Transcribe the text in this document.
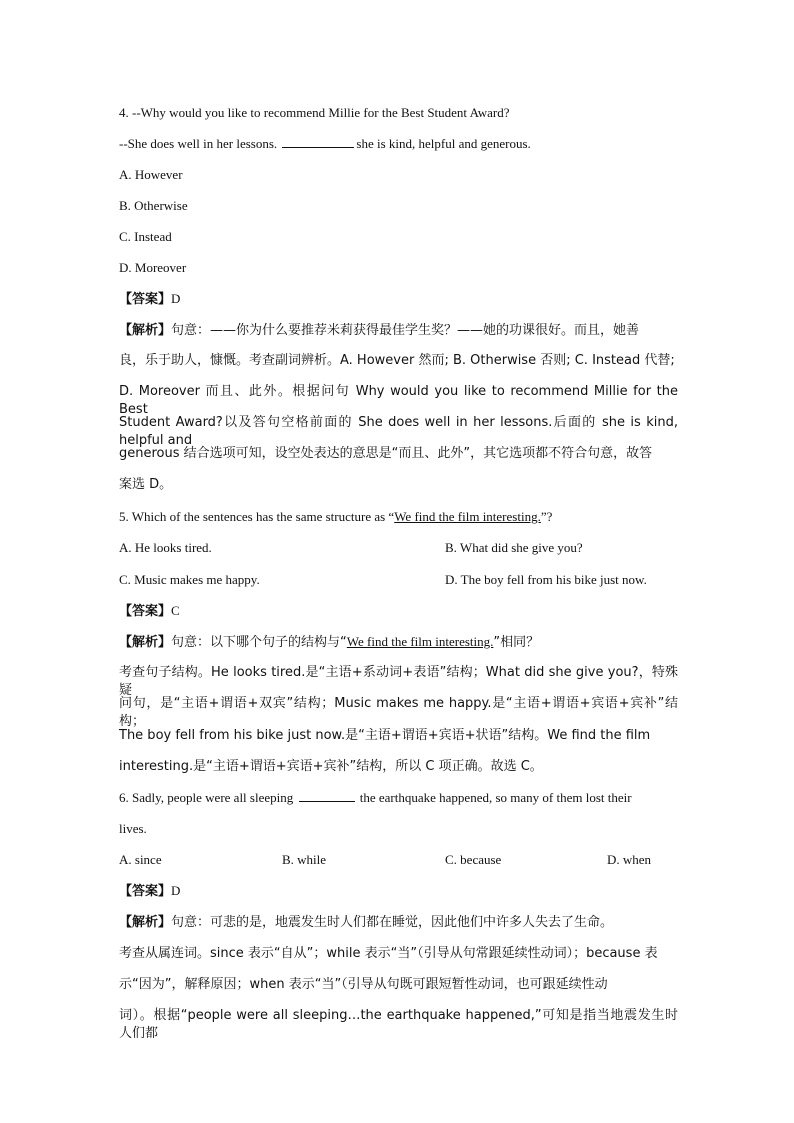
4. --Why would you like to recommend Millie for the Best Student Award?
--She does well in her lessons.	she is kind, helpful and generous.
A. However
B. Otherwise
C. Instead
D. Moreover
【答案】D
【解析】句意：——你为什么要推荐米莉获得最佳学生奖？——她的功课很好。而且，她善
良，乐于助人，慷慨。考查副词辨析。A. However 然而; B. Otherwise 否则; C. Instead 代替;
D. Moreover 而且、此外。根据问句 Why would you like to recommend Millie for the Best
Student Award?以及答句空格前面的 She does well in her lessons.后面的 she is kind, helpful and
generous 结合选项可知，设空处表达的意思是“而且、此外”，其它选项都不符合句意，故答
案选 D。
5. Which of the sentences has the same structure as “We find the film interesting.”?
A. He looks tired.	B. What did she give you?
C. Music makes me happy.	D. The boy fell from his bike just now.
【答案】C
【解析】句意：以下哪个句子的结构与“We find the film interesting.”相同？
考查句子结构。He looks tired.是“主语+系动词+表语”结构；What did she give you?，特殊疑
问句，是“主语+谓语+双宾”结构；Music makes me happy.是“主语+谓语+宾语+宾补”结构；
The boy fell from his bike just now.是“主语+谓语+宾语+状语”结构。We find the film
interesting.是“主语+谓语+宾语+宾补”结构，所以 C 项正确。故选 C。
6. Sadly, people were all sleeping	the earthquake happened, so many of them lost their
lives.
A. since	B. while	C. because	D. when
【答案】D
【解析】句意：可悲的是，地震发生时人们都在睡觉，因此他们中许多人失去了生命。
考查从属连词。since 表示“自从”；while 表示“当”（引导从句常跟延续性动词）；because 表
示“因为”，解释原因；when 表示“当”（引导从句既可跟短暂性动词，也可跟延续性动
词）。根据“people were all sleeping…the earthquake happened,”可知是指当地震发生时人们都
